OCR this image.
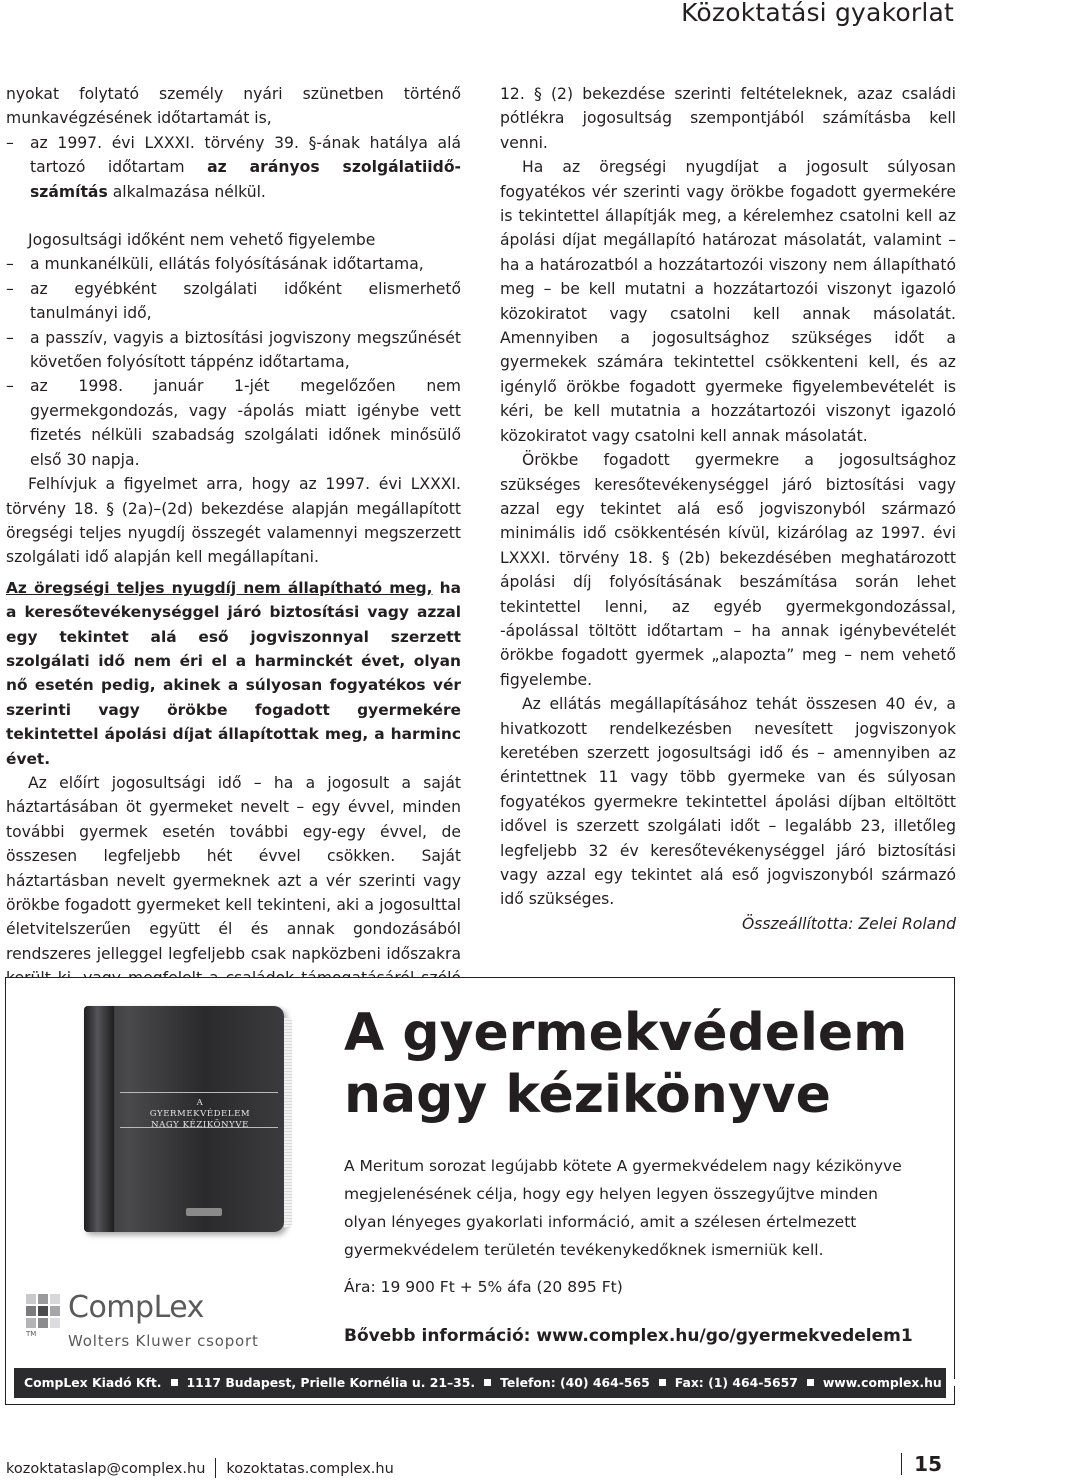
Közoktatási gyakorlat

nyokat folytató személy nyári szünetben történő munkavégzésének időtartamát is,

– az 1997. évi LXXXI. törvény 39. §-ának hatálya alá tartozó időtartam az arányos szolgálatiidő-számítás alkalmazása nélkül.

Jogosultsági időként nem vehető figyelembe

– a munkanélküli, ellátás folyósításának időtartama,

– az egyébként szolgálati időként elismerhető tanulmányi idő,

– a passzív, vagyis a biztosítási jogviszony megszűnését követően folyósított táppénz időtartama,

– az 1998. január 1-jét megelőzően nem gyermekgondozás, vagy -ápolás miatt igénybe vett fizetés nélküli szabadság szolgálati időnek minősülő első 30 napja.

Felhívjuk a figyelmet arra, hogy az 1997. évi LXXXI. törvény 18. § (2a)–(2d) bekezdése alapján megállapított öregségi teljes nyugdíj összegét valamennyi megszerzett szolgálati idő alapján kell megállapítani.

Az öregségi teljes nyugdíj nem állapítható meg, ha a keresőtevékenységgel járó biztosítási vagy azzal egy tekintet alá eső jogviszonnyal szerzett szolgálati idő nem éri el a harminckét évet, olyan nő esetén pedig, akinek a súlyosan fogyatékos vér szerinti vagy örökbe fogadott gyermekére tekintettel ápolási díjat állapítottak meg, a harminc évet.

Az előírt jogosultsági idő – ha a jogosult a saját háztartásában öt gyermeket nevelt – egy évvel, minden további gyermek esetén további egy-egy évvel, de összesen legfeljebb hét évvel csökken. Saját háztartásban nevelt gyermeknek azt a vér szerinti vagy örökbe fogadott gyermeket kell tekinteni, aki a jogosulttal életvitelszerűen együtt él és annak gondozásából rendszeres jelleggel legfeljebb csak napközbeni időszakra

12. § (2) bekezdése szerinti feltételeknek, azaz családi pótlékra jogosultság szempontjából számításba kell venni.

Ha az öregségi nyugdíjat a jogosult súlyosan fogyatékos vér szerinti vagy örökbe fogadott gyermekére is tekintettel állapítják meg, a kérelemhez csatolni kell az ápolási díjat megállapító határozat másolatát, valamint – ha a határozatból a hozzátartozói viszony nem állapítható meg – be kell mutatni a hozzátartozói viszonyt igazoló közokiratot vagy csatolni kell annak másolatát. Amennyiben a jogosultsághoz szükséges időt a gyermekek számára tekintettel csökkenteni kell, és az igénylő örökbe fogadott gyermeke figyelembevételét is kéri, be kell mutatnia a hozzátartozói viszonyt igazoló közokiratot vagy csatolni kell annak másolatát.

Örökbe fogadott gyermekre a jogosultsághoz szükséges keresőtevékenységgel járó biztosítási vagy azzal egy tekintet alá eső jogviszonyból származó minimális idő csökkentésén kívül, kizárólag az 1997. évi LXXXI. törvény 18. § (2b) bekezdésében meghatározott ápolási díj folyósításának beszámítása során lehet tekintettel lenni, az egyéb gyermekgondozással, -ápolással töltött időtartam – ha annak igénybevételét örökbe fogadott gyermek „alapozta” meg – nem vehető figyelembe.

Az ellátás megállapításához tehát összesen 40 év, a hivatkozott rendelkezésben nevesített jogviszonyok keretében szerzett jogosultsági idő és – amennyiben az érintettnek 11 vagy több gyermeke van és súlyosan fogyatékos gyermekre tekintettel ápolási díjban eltöltött idővel is szerzett szolgálati időt – legalább 23, illetőleg legfeljebb 32 év keresőtevékenységgel járó biztosítási vagy azzal egy tekintet alá eső jogviszonyból származó idő szükséges.

Összeállította: Zelei Roland

A
GYERMEKVÉDELEM
NAGY KÉZIKÖNYVE
A gyermekvédelem
nagy kézikönyve
A Meritum sorozat legújabb kötete A gyermekvédelem nagy kézikönyve megjelenésének célja, hogy egy helyen legyen összegyűjtve minden olyan lényeges gyakorlati információ, amit a szélesen értelmezett gyermekvédelem területén tevékenykedőknek ismerniük kell.
Ára: 19 900 Ft + 5% áfa (20 895 Ft)
Bővebb információ: www.complex.hu/go/gyermekvedelem1
CompLex
TM Wolters Kluwer csoport
CompLex Kiadó Kft. 1117 Budapest, Prielle Kornélia u. 21–35. Telefon: (40) 464-565 Fax: (1) 464-5657 www.complex.hu info@complex.hu
kozoktataslap@complex.hu kozoktatas.complex.hu	15
